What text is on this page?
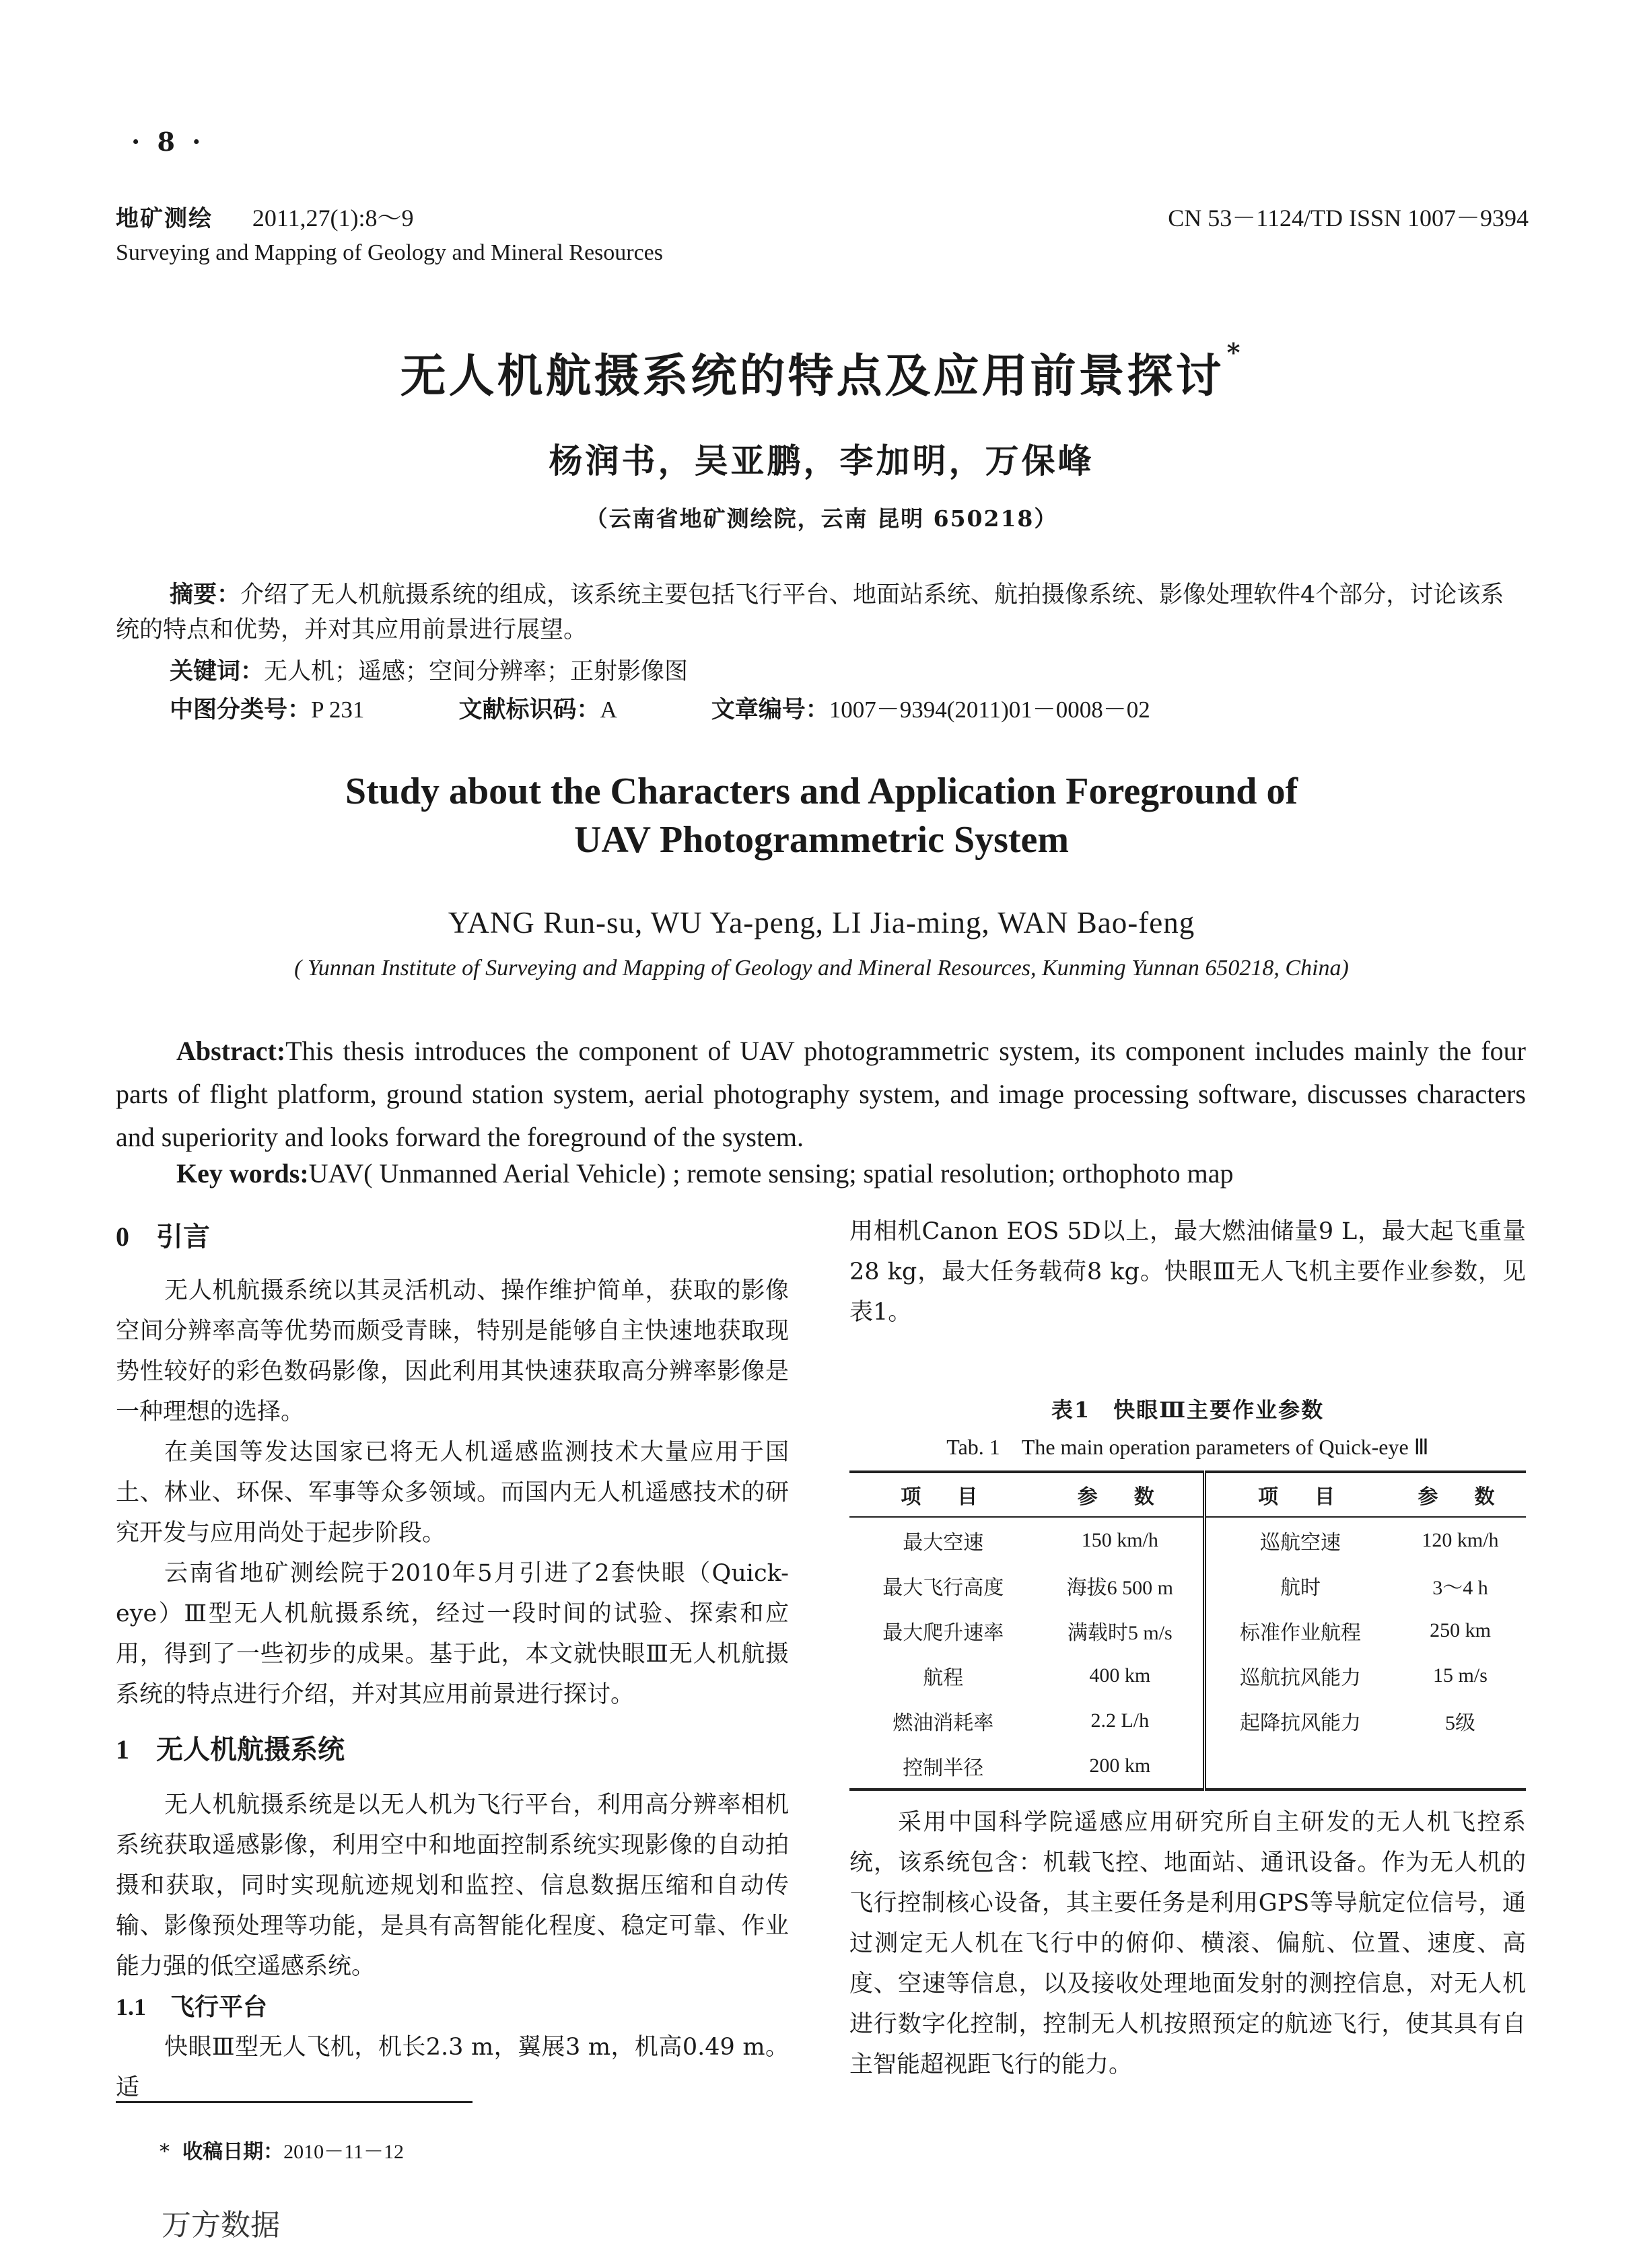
· 8 ·
地矿测绘 2011,27(1):8～9
Surveying and Mapping of Geology and Mineral Resources
CN 53－1124/TD ISSN 1007－9394
无人机航摄系统的特点及应用前景探讨 *
杨润书，吴亚鹏，李加明，万保峰
（云南省地矿测绘院，云南 昆明 650218）
摘要：介绍了无人机航摄系统的组成，该系统主要包括飞行平台、地面站系统、航拍摄像系统、影像处理软件4个部分，讨论该系统的特点和优势，并对其应用前景进行展望。
关键词：无人机；遥感；空间分辨率；正射影像图
中图分类号：P 231	文献标识码：A	文章编号：1007－9394(2011)01－0008－02
Study about the Characters and Application Foreground of
UAV Photogrammetric System
YANG Run-su, WU Ya-peng, LI Jia-ming, WAN Bao-feng
( Yunnan Institute of Surveying and Mapping of Geology and Mineral Resources, Kunming Yunnan 650218, China)
Abstract:This thesis introduces the component of UAV photogrammetric system, its component includes mainly the four parts of flight platform, ground station system, aerial photography system, and image processing software, discusses characters and superiority and looks forward the foreground of the system.
Key words:UAV( Unmanned Aerial Vehicle) ; remote sensing; spatial resolution; orthophoto map

0 引言

无人机航摄系统以其灵活机动、操作维护简单，获取的影像空间分辨率高等优势而颇受青睐，特别是能够自主快速地获取现势性较好的彩色数码影像，因此利用其快速获取高分辨率影像是一种理想的选择。

在美国等发达国家已将无人机遥感监测技术大量应用于国土、林业、环保、军事等众多领域。而国内无人机遥感技术的研究开发与应用尚处于起步阶段。

云南省地矿测绘院于2010年5月引进了2套快眼（Quick-eye）Ⅲ型无人机航摄系统，经过一段时间的试验、探索和应用，得到了一些初步的成果。基于此，本文就快眼Ⅲ无人机航摄系统的特点进行介绍，并对其应用前景进行探讨。

1 无人机航摄系统

无人机航摄系统是以无人机为飞行平台，利用高分辨率相机系统获取遥感影像，利用空中和地面控制系统实现影像的自动拍摄和获取，同时实现航迹规划和监控、信息数据压缩和自动传输、影像预处理等功能，是具有高智能化程度、稳定可靠、作业能力强的低空遥感系统。

1.1 飞行平台

快眼Ⅲ型无人飞机，机长2.3 m，翼展3 m，机高0.49 m。适

用相机Canon EOS 5D以上，最大燃油储量9 L，最大起飞重量28 kg，最大任务载荷8 kg。快眼Ⅲ无人飞机主要作业参数，见表1。

表1　快眼Ⅲ主要作业参数
Tab. 1　The main operation parameters of Quick-eye Ⅲ
项　目	参　数	项　目	参　数
最大空速	150 km/h	巡航空速	120 km/h
最大飞行高度	海拔6 500 m	航时	3～4 h
最大爬升速率	满载时5 m/s	标准作业航程	250 km
航程	400 km	巡航抗风能力	15 m/s
燃油消耗率	2.2 L/h	起降抗风能力	5级
控制半径	200 km		

采用中国科学院遥感应用研究所自主研发的无人机飞控系统，该系统包含：机载飞控、地面站、通讯设备。作为无人机的飞行控制核心设备，其主要任务是利用GPS等导航定位信号，通过测定无人机在飞行中的俯仰、横滚、偏航、位置、速度、高度、空速等信息，以及接收处理地面发射的测控信息，对无人机进行数字化控制，控制无人机按照预定的航迹飞行，使其具有自主智能超视距飞行的能力。

* 收稿日期：2010－11－12
万方数据
